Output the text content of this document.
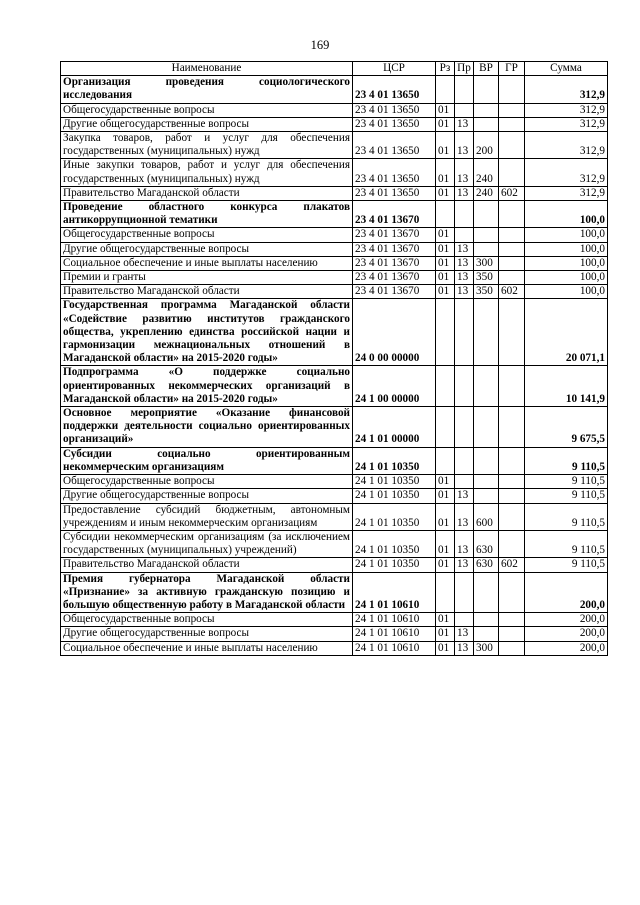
169
Наименование	ЦСР	Рз	Пр	ВР	ГР	Сумма
Организация проведения социологического исследования	23 4 01 13650					312,9
Общегосударственные вопросы	23 4 01 13650	01				312,9
Другие общегосударственные вопросы	23 4 01 13650	01	13			312,9
Закупка товаров, работ и услуг для обеспечения государственных (муниципальных) нужд	23 4 01 13650	01	13	200		312,9
Иные закупки товаров, работ и услуг для обеспечения государственных (муниципальных) нужд	23 4 01 13650	01	13	240		312,9
Правительство Магаданской области	23 4 01 13650	01	13	240	602	312,9
Проведение областного конкурса плакатов антикоррупционной тематики	23 4 01 13670					100,0
Общегосударственные вопросы	23 4 01 13670	01				100,0
Другие общегосударственные вопросы	23 4 01 13670	01	13			100,0
Социальное обеспечение и иные выплаты населению	23 4 01 13670	01	13	300		100,0
Премии и гранты	23 4 01 13670	01	13	350		100,0
Правительство Магаданской области	23 4 01 13670	01	13	350	602	100,0
Государственная программа Магаданской области «Содействие развитию институтов гражданского общества, укреплению единства российской нации и гармонизации межнациональных отношений в Магаданской области» на 2015-2020 годы»	24 0 00 00000					20 071,1
Подпрограмма «О поддержке социально ориентированных некоммерческих организаций в Магаданской области» на 2015-2020 годы»	24 1 00 00000					10 141,9
Основное мероприятие «Оказание финансовой поддержки деятельности социально ориентированных организаций»	24 1 01 00000					9 675,5
Субсидии социально ориентированным некоммерческим организациям	24 1 01 10350					9 110,5
Общегосударственные вопросы	24 1 01 10350	01				9 110,5
Другие общегосударственные вопросы	24 1 01 10350	01	13			9 110,5
Предоставление субсидий бюджетным, автономным учреждениям и иным некоммерческим организациям	24 1 01 10350	01	13	600		9 110,5
Субсидии некоммерческим организациям (за исключением государственных (муниципальных) учреждений)	24 1 01 10350	01	13	630		9 110,5
Правительство Магаданской области	24 1 01 10350	01	13	630	602	9 110,5
Премия губернатора Магаданской области «Признание» за активную гражданскую позицию и большую общественную работу в Магаданской области	24 1 01 10610					200,0
Общегосударственные вопросы	24 1 01 10610	01				200,0
Другие общегосударственные вопросы	24 1 01 10610	01	13			200,0
Социальное обеспечение и иные выплаты населению	24 1 01 10610	01	13	300		200,0
